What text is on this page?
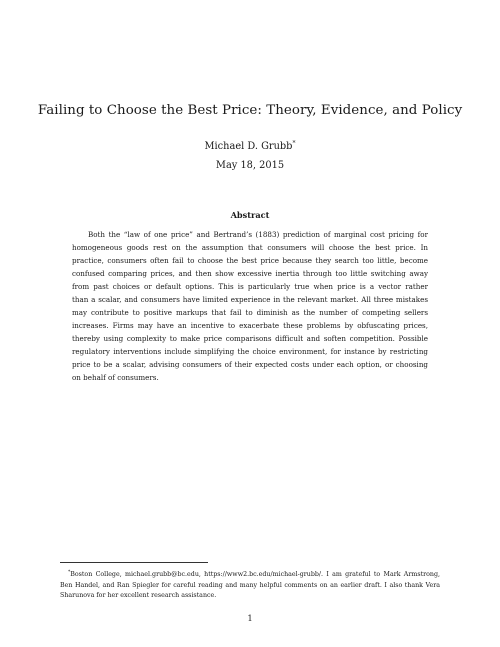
Failing to Choose the Best Price: Theory, Evidence, and Policy
Michael D. Grubb*
May 18, 2015
Abstract
Both the “law of one price” and Bertrand’s (1883) prediction of marginal cost pricing for
homogeneous goods rest on the assumption that consumers will choose the best price. In
practice, consumers often fail to choose the best price because they search too little, become
confused comparing prices, and then show excessive inertia through too little switching away
from past choices or default options. This is particularly true when price is a vector rather
than a scalar, and consumers have limited experience in the relevant market. All three mistakes
may contribute to positive markups that fail to diminish as the number of competing sellers
increases. Firms may have an incentive to exacerbate these problems by obfuscating prices,
thereby using complexity to make price comparisons difficult and soften competition. Possible
regulatory interventions include simplifying the choice environment, for instance by restricting
price to be a scalar, advising consumers of their expected costs under each option, or choosing
on behalf of consumers.
*Boston College, michael.grubb@bc.edu, https://www2.bc.edu/michael-grubb/. I am grateful to Mark Armstrong,
Ben Handel, and Ran Spiegler for careful reading and many helpful comments on an earlier draft. I also thank Vera
Sharunova for her excellent research assistance.
1
